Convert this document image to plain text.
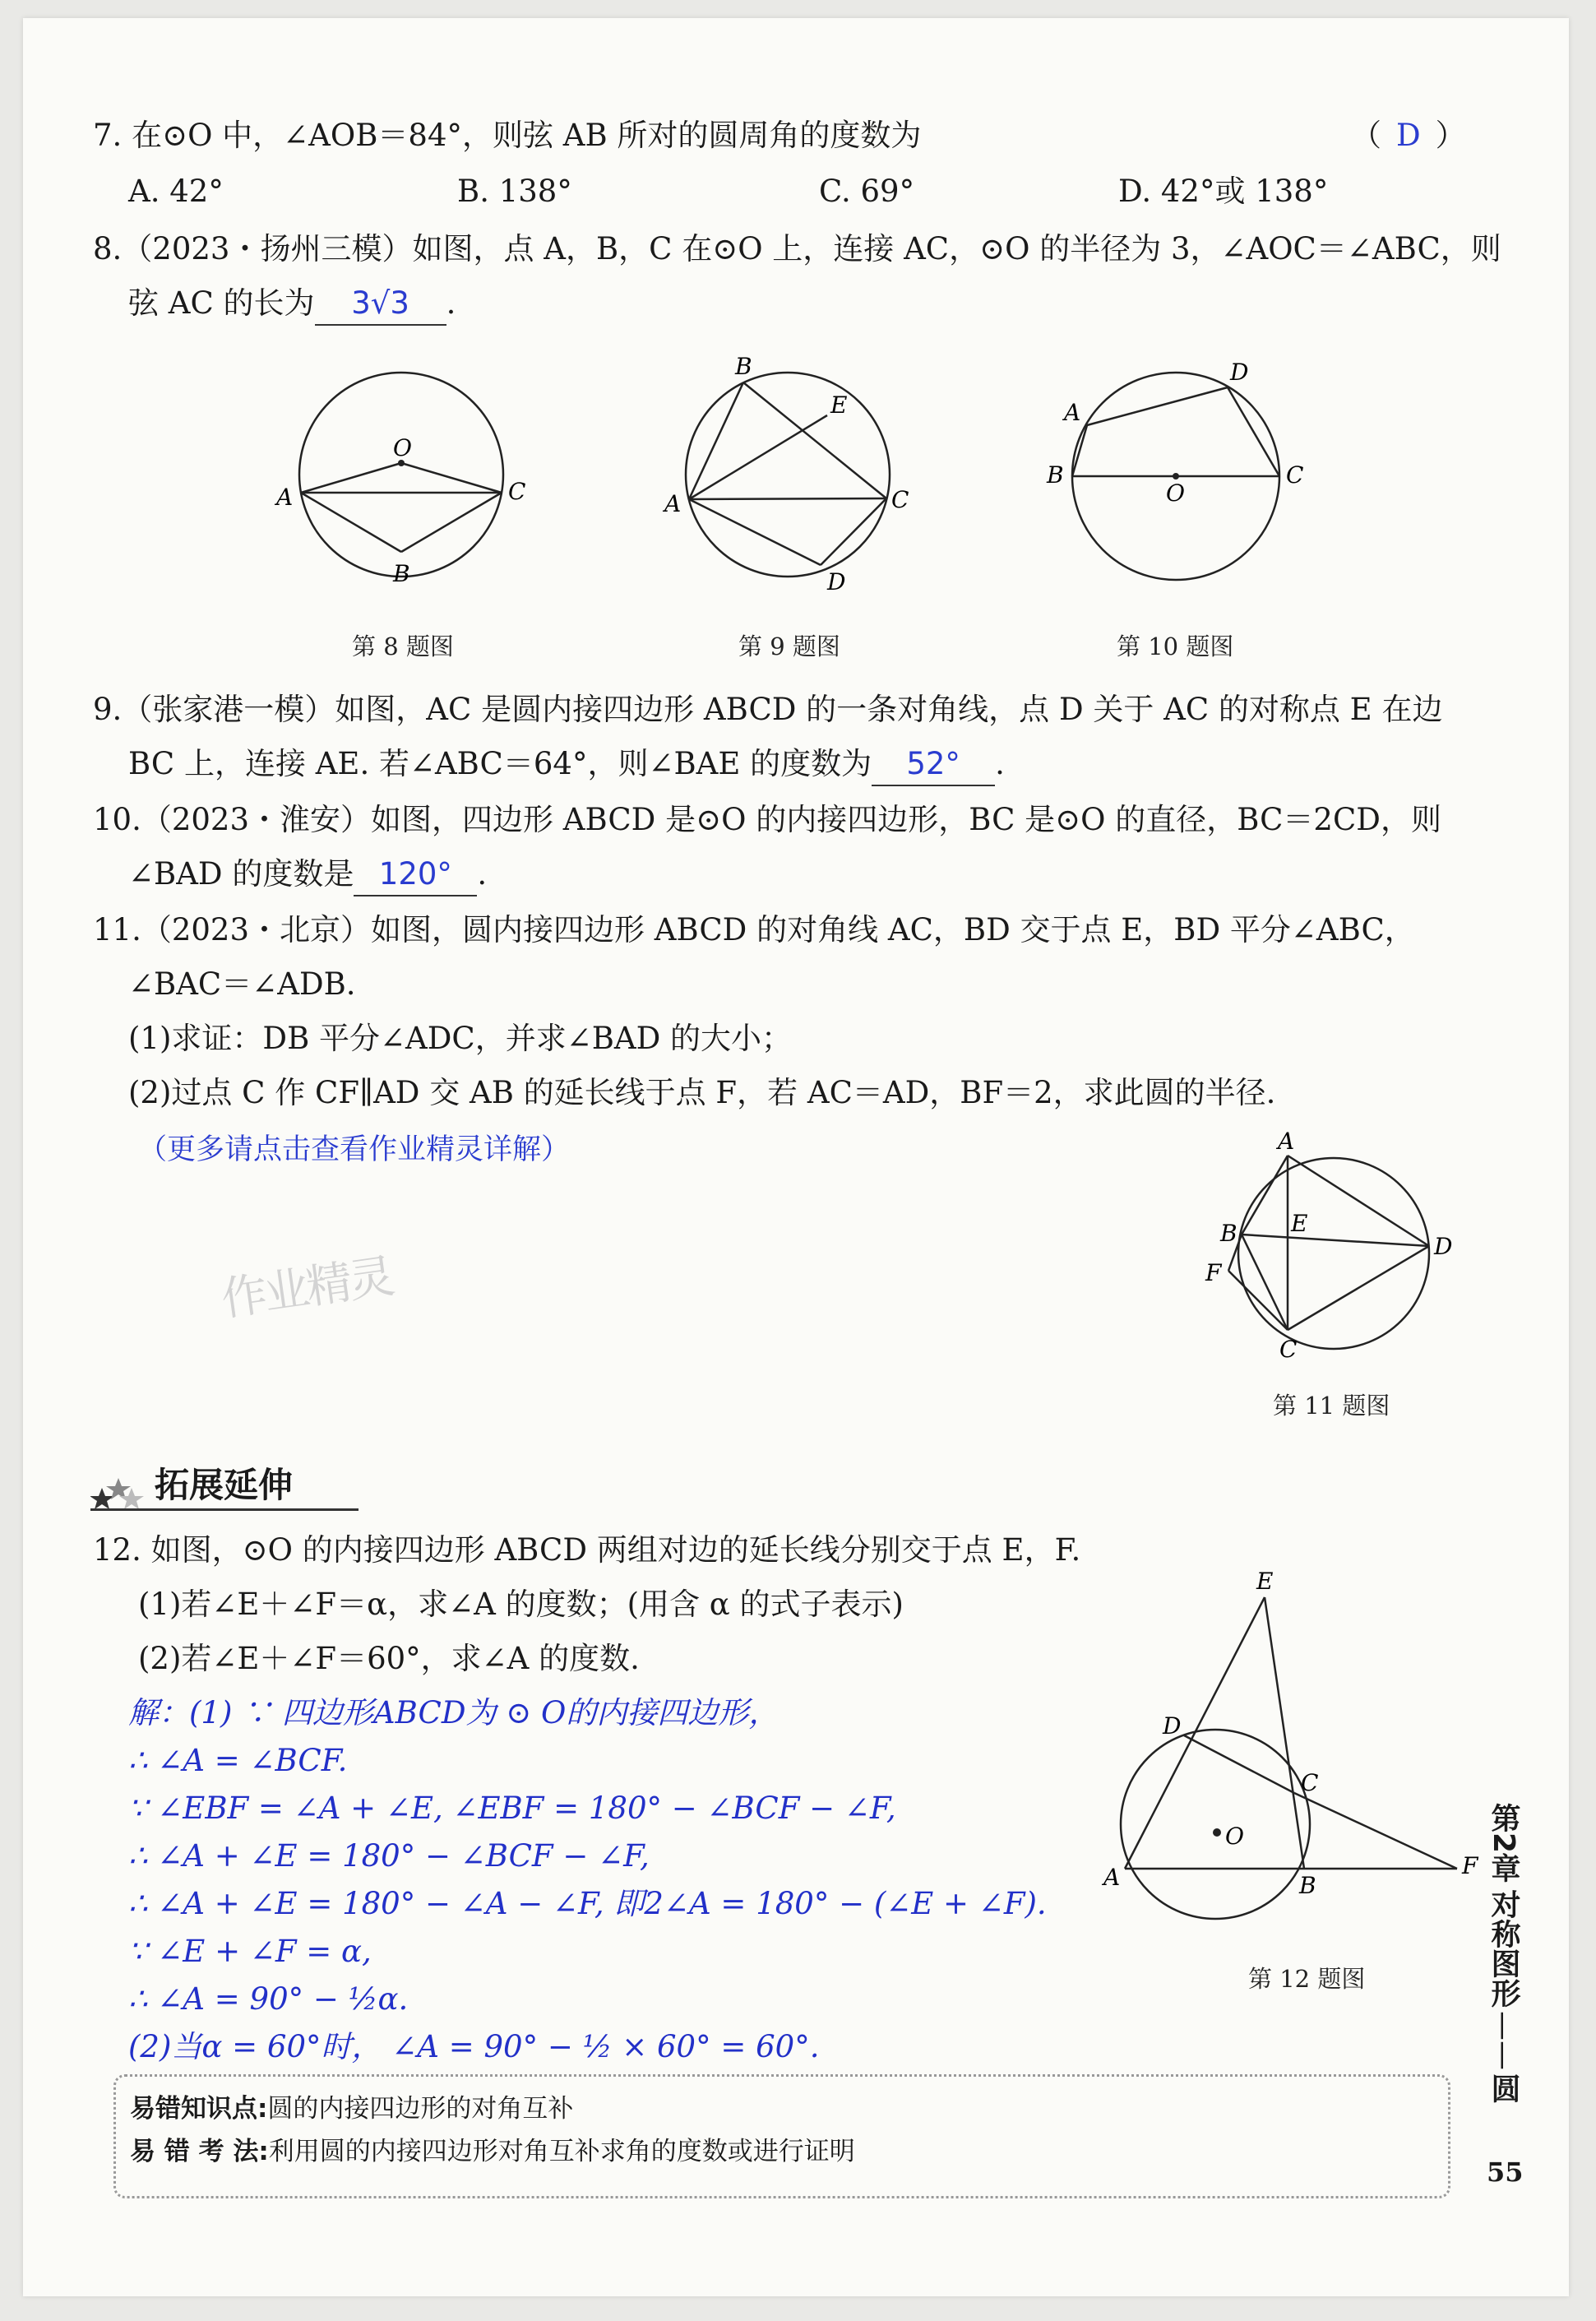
7. 在⊙O 中，∠AOB＝84°，则弦 AB 所对的圆周角的度数为	（ D ）
A. 42°	B. 138°	C. 69°	D. 42°或 138°
8.（2023・扬州三模）如图，点 A，B，C 在⊙O 上，连接 AC，⊙O 的半径为 3，∠AOC＝∠ABC，则
弦 AC 的长为 3√3 .
O
A	C
B
第 8 题图
B
E
A	C
D
第 9 题图
A
D
B	C
O
第 10 题图
9.（张家港一模）如图，AC 是圆内接四边形 ABCD 的一条对角线，点 D 关于 AC 的对称点 E 在边
BC 上，连接 AE. 若∠ABC＝64°，则∠BAE 的度数为 52° .
10.（2023・淮安）如图，四边形 ABCD 是⊙O 的内接四边形，BC 是⊙O 的直径，BC＝2CD，则
∠BAD 的度数是 120° .
11.（2023・北京）如图，圆内接四边形 ABCD 的对角线 AC，BD 交于点 E，BD 平分∠ABC，
∠BAC＝∠ADB.
(1)求证：DB 平分∠ADC，并求∠BAD 的大小；
(2)过点 C 作 CF∥AD 交 AB 的延长线于点 F，若 AC＝AD，BF＝2，求此圆的半径.
（更多请点击查看作业精灵详解）
作业精灵
A
B E
D
F
C
第 11 题图
拓展延伸
12. 如图，⊙O 的内接四边形 ABCD 两组对边的延长线分别交于点 E，F.
(1)若∠E＋∠F＝α，求∠A 的度数；(用含 α 的式子表示)
(2)若∠E＋∠F＝60°，求∠A 的度数.
解：(1) ∵ 四边形ABCD为 ⊙ O的内接四边形，
∴ ∠A = ∠BCF.
∵ ∠EBF = ∠A + ∠E, ∠EBF = 180° − ∠BCF − ∠F,
∴ ∠A + ∠E = 180° − ∠BCF − ∠F,
∴ ∠A + ∠E = 180° − ∠A − ∠F, 即2∠A = 180° − (∠E + ∠F).
∵ ∠E + ∠F = α,
∴ ∠A = 90° − ½α.
(2)当α = 60°时， ∠A = 90° − ½ × 60° = 60°.
E
D
C
O
A	B
F
第 12 题图
易错知识点:圆的内接四边形的对角互补
易 错 考 法:利用圆的内接四边形对角互补求角的度数或进行证明
第2章
对称图形
——
圆
55
